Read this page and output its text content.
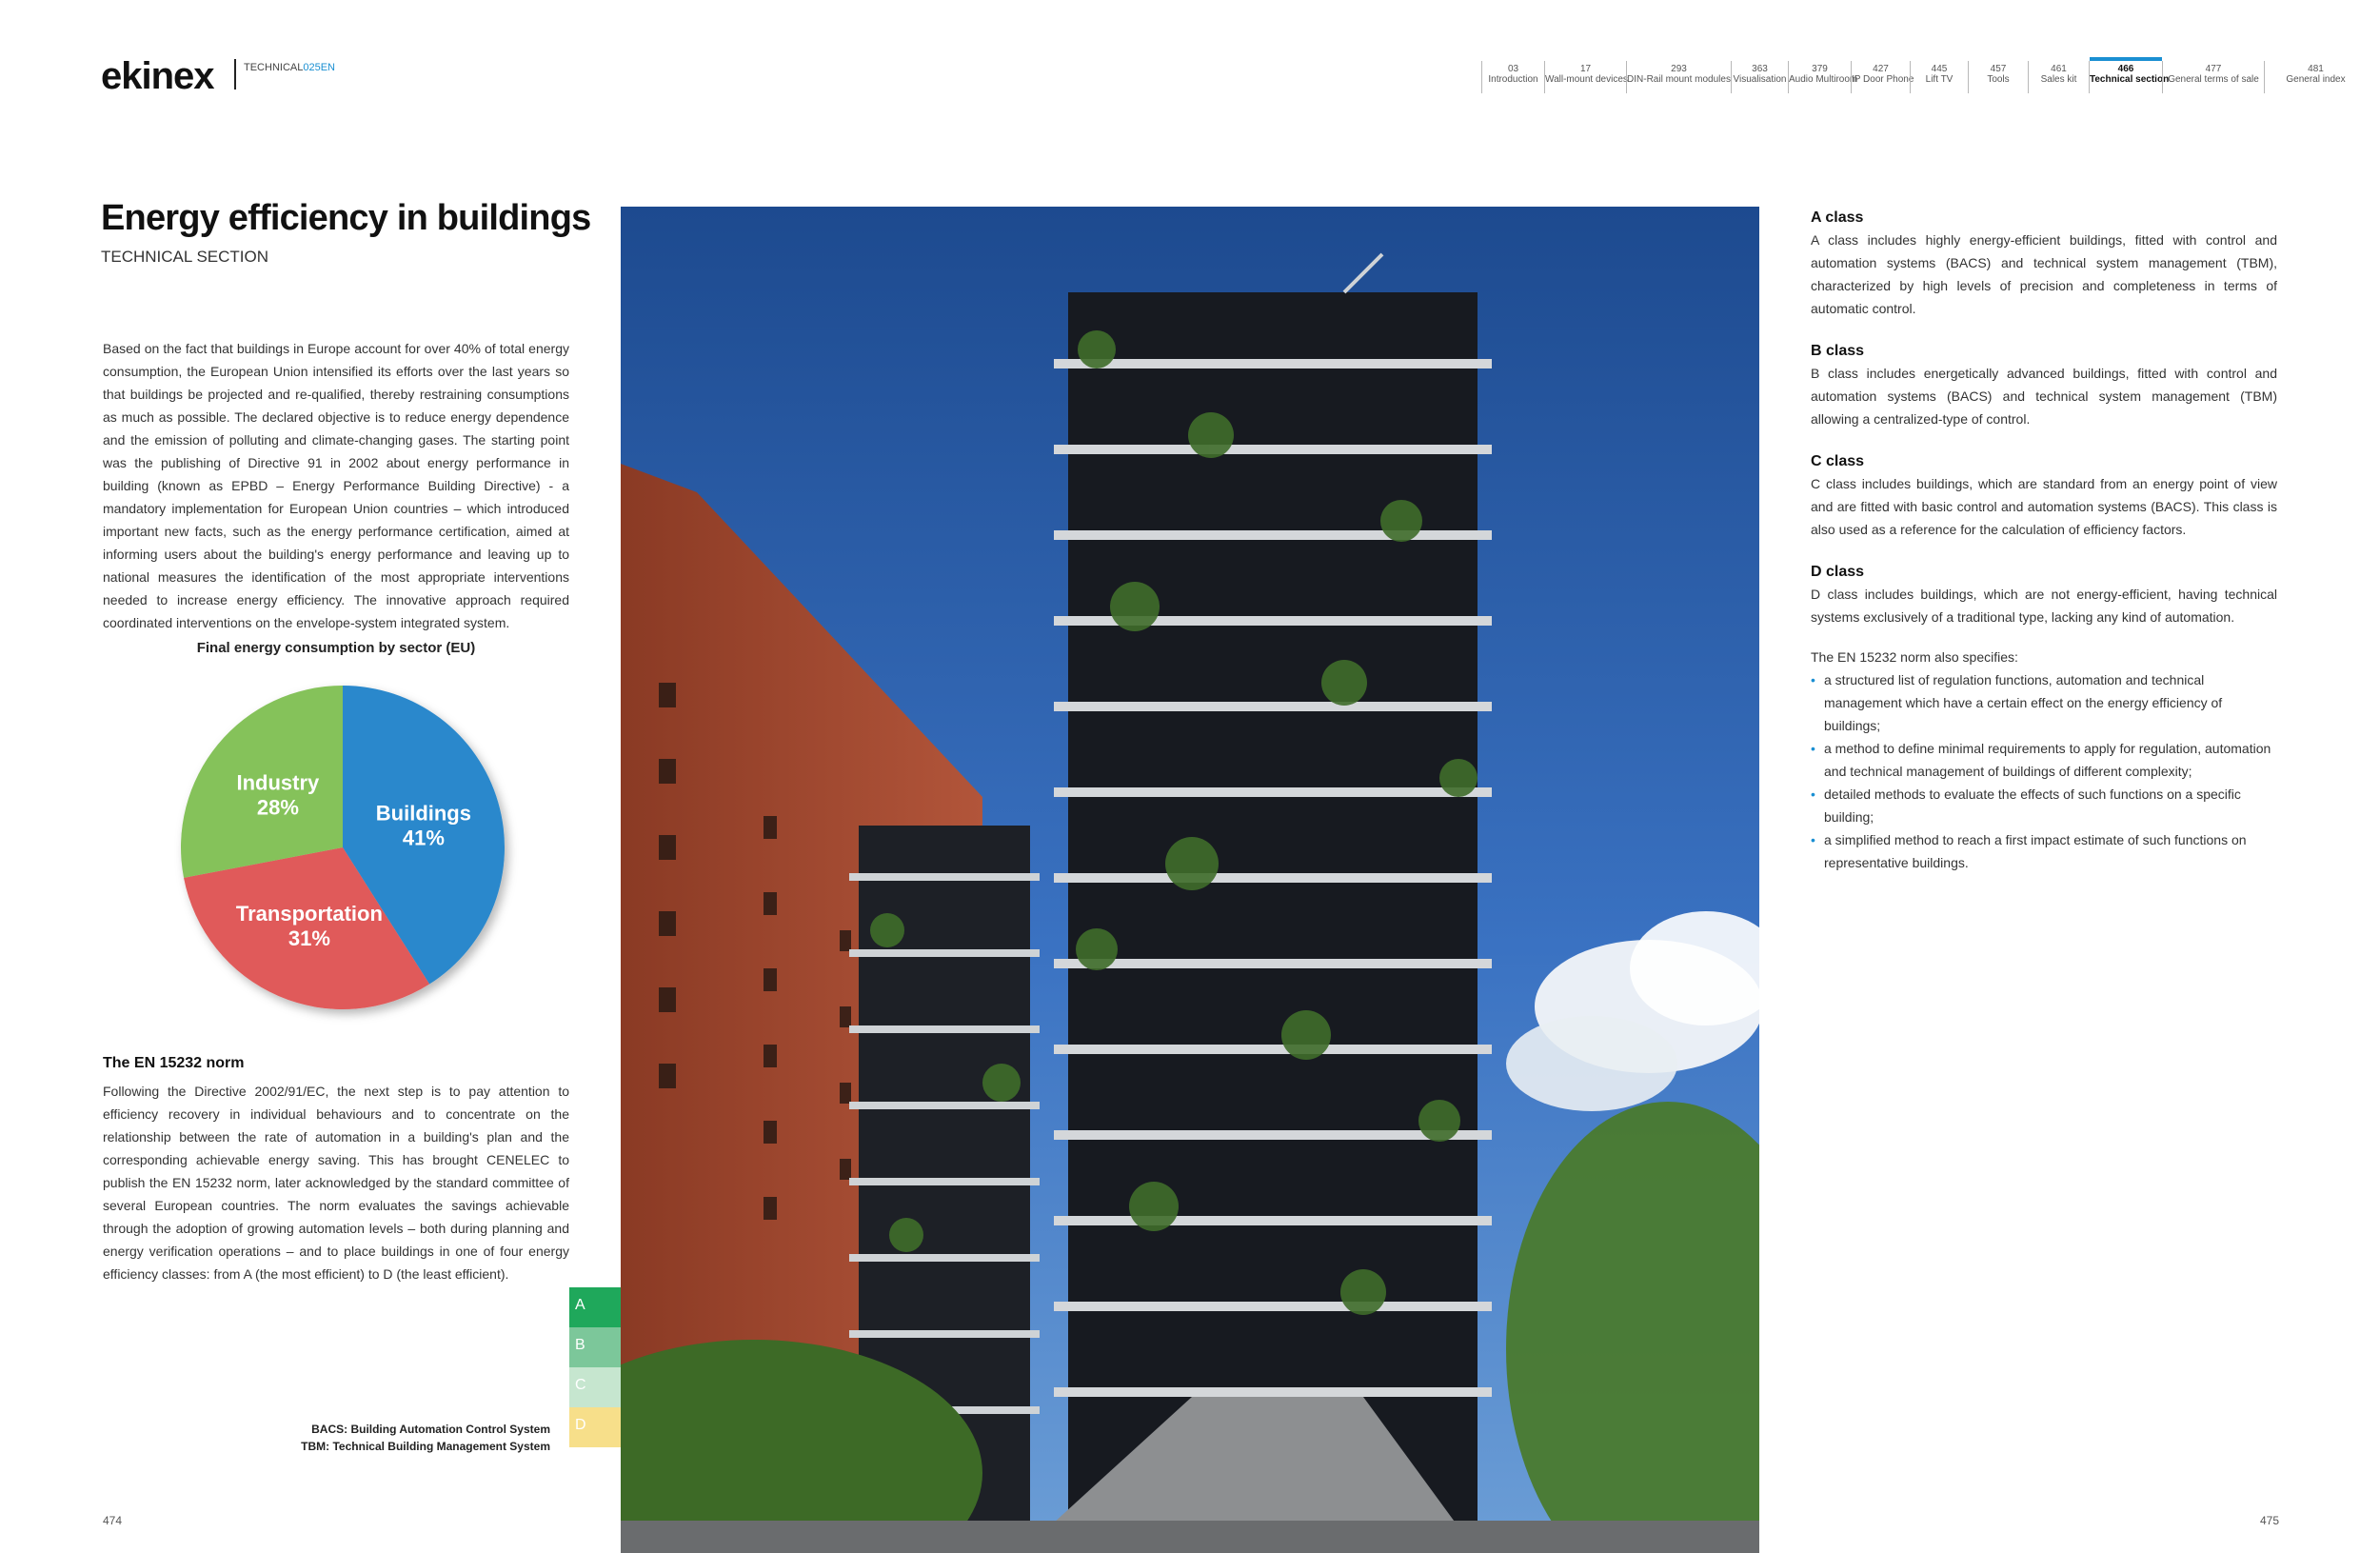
ekinex	TECHNICAL025EN	03
Introduction
17
Wall-mount devices
293
DIN-Rail mount modules
363
Visualisation
379
Audio Multiroom
427
IP Door Phone
445
Lift TV
457
Tools
461
Sales kit
466
Technical section
477
General terms of sale
481
General index
Energy efficiency in buildings
TECHNICAL SECTION

Based on the fact that buildings in Europe account for over 40% of total energy consumption, the European Union intensified its efforts over the last years so that buildings be projected and re-qualified, thereby restraining consumptions as much as possible. The declared objective is to reduce energy dependence and the emission of polluting and climate-changing gases. The starting point was the publishing of Directive 91 in 2002 about energy performance in building (known as EPBD – Energy Performance Building Directive) - a mandatory implementation for European Union countries – which introduced important new facts, such as the energy performance certification, aimed at informing users about the building's energy performance and leaving up to national measures the identification of the most appropriate interventions needed to increase energy efficiency. The innovative approach required coordinated interventions on the envelope-system integrated system.

Final energy consumption by sector (EU)
Buildings
41%
Transportation
31%
Industry
28%
The EN 15232 norm

Following the Directive 2002/91/EC, the next step is to pay attention to efficiency recovery in individual behaviours and to concentrate on the relationship between the rate of automation in a building's plan and the corresponding achievable energy saving. This has brought CENELEC to publish the EN 15232 norm, later acknowledged by the standard committee of several European countries. The norm evaluates the savings achievable through the adoption of growing automation levels – both during planning and energy verification operations – and to place buildings in one of four energy efficiency classes: from A (the most efficient) to D (the least efficient).

A
B
C
D
BACS: Building Automation Control System
TBM: Technical Building Management System
474	475
A class

A class includes highly energy-efficient buildings, fitted with control and automation systems (BACS) and technical system management (TBM), characterized by high levels of precision and completeness in terms of automatic control.

B class

B class includes energetically advanced buildings, fitted with control and automation systems (BACS) and technical system management (TBM) allowing a centralized-type of control.

C class

C class includes buildings, which are standard from an energy point of view and are fitted with basic control and automation systems (BACS). This class is also used as a reference for the calculation of efficiency factors.

D class

D class includes buildings, which are not energy-efficient, having technical systems exclusively of a traditional type, lacking any kind of automation.

The EN 15232 norm also specifies:

• a structured list of regulation functions, automation and technical management which have a certain effect on the energy efficiency of buildings;
• a method to define minimal requirements to apply for regulation, automation and technical management of buildings of different complexity;
• detailed methods to evaluate the effects of such functions on a specific building;
• a simplified method to reach a first impact estimate of such functions on representative buildings.
